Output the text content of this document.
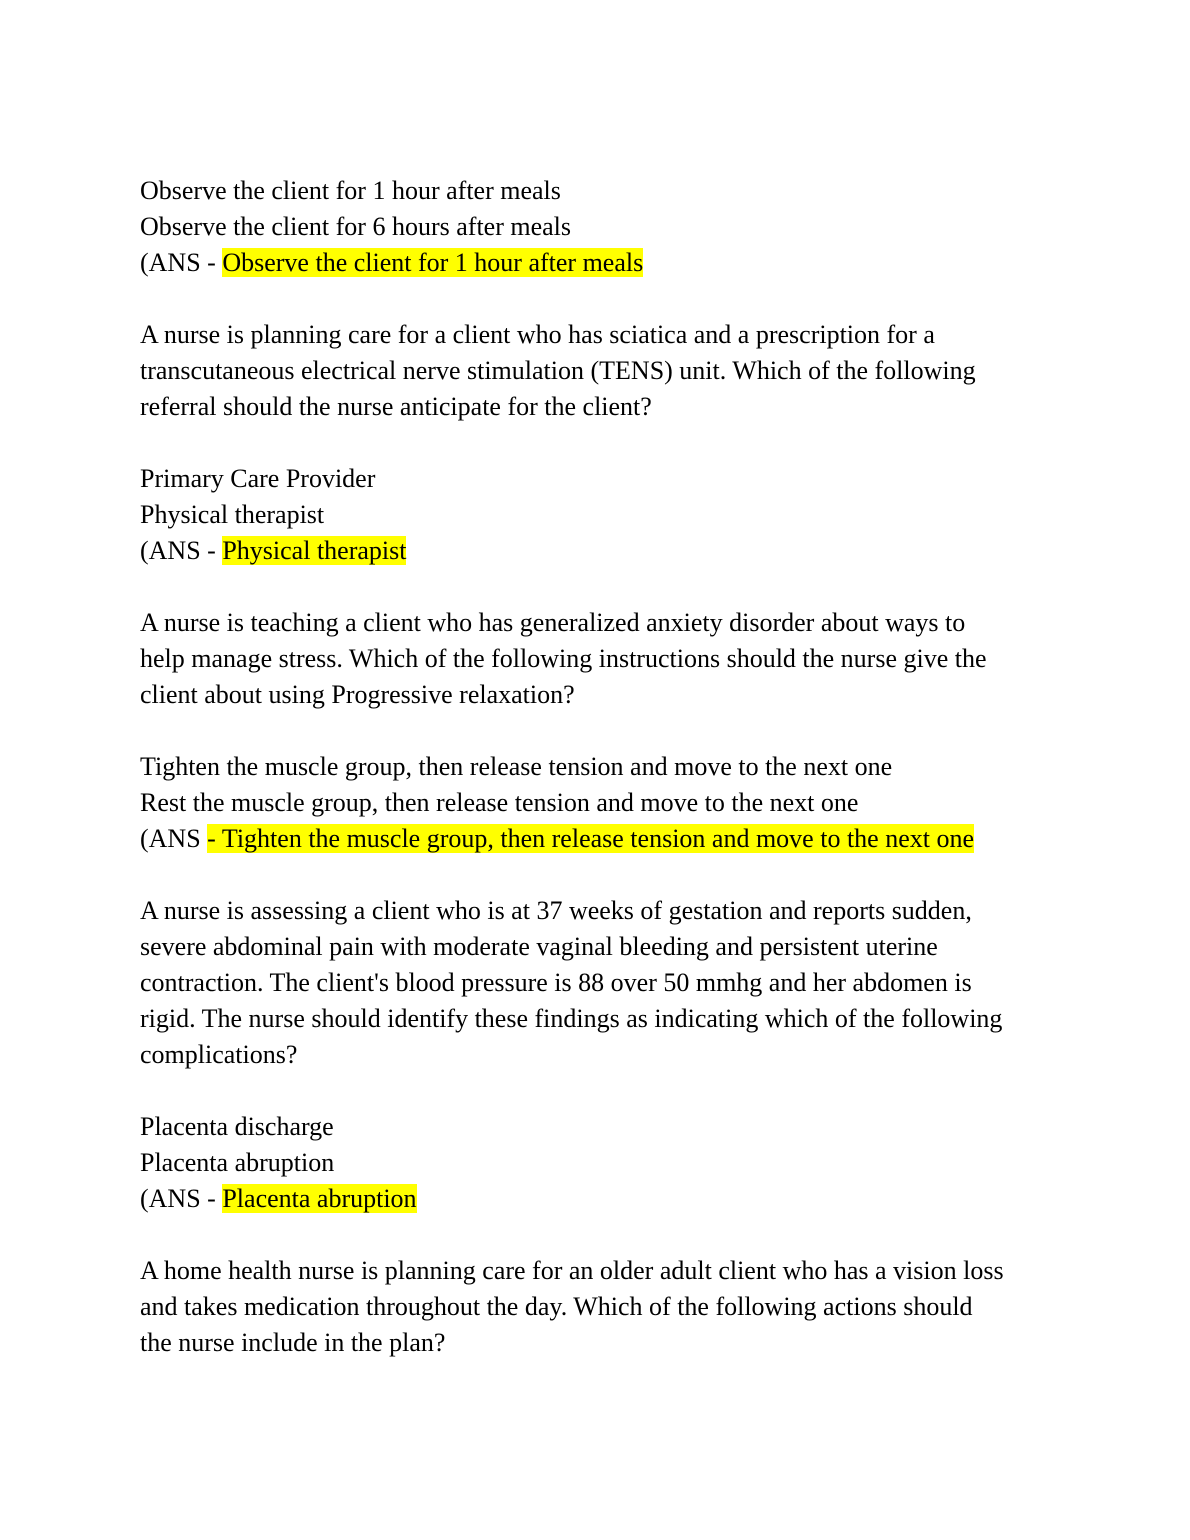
Observe the client for 1 hour after meals
Observe the client for 6 hours after meals
(ANS - Observe the client for 1 hour after meals
A nurse is planning care for a client who has sciatica and a prescription for a
transcutaneous electrical nerve stimulation (TENS) unit. Which of the following
referral should the nurse anticipate for the client?
Primary Care Provider
Physical therapist
(ANS - Physical therapist
A nurse is teaching a client who has generalized anxiety disorder about ways to
help manage stress. Which of the following instructions should the nurse give the
client about using Progressive relaxation?
Tighten the muscle group, then release tension and move to the next one
Rest the muscle group, then release tension and move to the next one
(ANS - Tighten the muscle group, then release tension and move to the next one
A nurse is assessing a client who is at 37 weeks of gestation and reports sudden,
severe abdominal pain with moderate vaginal bleeding and persistent uterine
contraction. The client's blood pressure is 88 over 50 mmhg and her abdomen is
rigid. The nurse should identify these findings as indicating which of the following
complications?
Placenta discharge
Placenta abruption
(ANS - Placenta abruption
A home health nurse is planning care for an older adult client who has a vision loss
and takes medication throughout the day. Which of the following actions should
the nurse include in the plan?
